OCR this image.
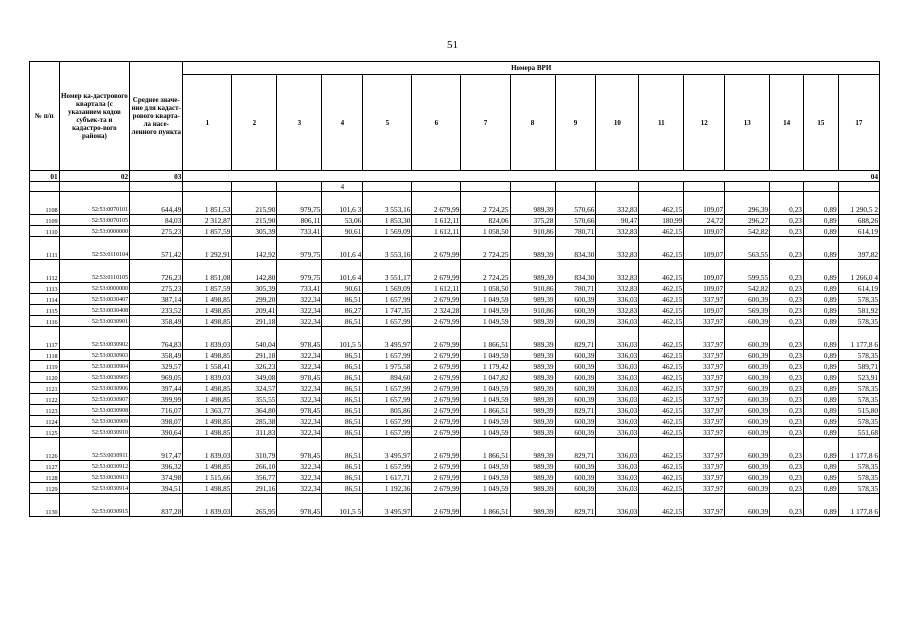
51
№ п/п	Номер ка-дастрового квартала (с указанием кодов субъек-та и кадастро-вого района)	Среднее значе-ние для кадаст-рового кварта-ла насе-ленного пункта	Номера ВРИ															
			1	2	3	4	5	6	7	8	9	10	11	12	13	14	15	17
01	02	03	04															
						4												
1108	52:53:0070101	644,49	1 851,53	215,90	979,75	101,6 3	3 553,16	2 679,99	2 724,25	989,39	570,66	332,83	462,15	109,07	296,39	0,23	0,89	1 290,5 2
1109	52:53:0070105	84,03	2 312,87	215,90	806,11	53,06	1 853,30	1 612,11	824,06	375,28	570,66	90,47	180,99	24,72	296,27	0,23	0,89	688,26
1110	52:53:0000000	275,23	1 857,59	305,39	733,41	90,61	1 569,09	1 612,11	1 058,50	910,86	780,71	332,83	462,15	109,07	542,82	0,23	0,89	614,19
1111	52:53:0110104	571,42	1 292,91	142,92	979,75	101,6 4	3 553,16	2 679,99	2 724,25	989,39	834,30	332,83	462,15	109,07	563,55	0,23	0,89	397,82
1112	52:53:0110105	726,23	1 851,08	142,80	979,75	101,6 4	3 551,17	2 679,99	2 724,25	989,39	834,30	332,83	462,15	109,07	599,55	0,23	0,89	1 266,0 4
1113	52:53:0000000	275,23	1 857,59	305,39	733,41	90,61	1 569,09	1 612,11	1 058,50	910,86	780,71	332,83	462,15	109,07	542,82	0,23	0,89	614,19
1114	52:53:0030407	387,14	1 498,85	299,20	322,34	86,51	1 657,99	2 679,99	1 049,59	989,39	600,39	336,03	462,15	337,97	600,39	0,23	0,89	578,35
1115	52:53:0030408	233,52	1 498,85	209,41	322,34	86,27	1 747,35	2 324,28	1 049,59	910,86	600,39	332,83	462,15	109,07	569,39	0,23	0,89	581,92
1116	52:53:0030901	358,49	1 498,85	291,18	322,34	86,51	1 657,99	2 679,99	1 049,59	989,39	600,39	336,03	462,15	337,97	600,39	0,23	0,89	578,35
1117	52:53:0030902	764,83	1 839,03	540,04	978,45	101,5 5	3 495,97	2 679,99	1 866,51	989,39	829,71	336,03	462,15	337,97	600,39	0,23	0,89	1 177,8 6
1118	52:53:0030903	358,49	1 498,85	291,18	322,34	86,51	1 657,99	2 679,99	1 049,59	989,39	600,39	336,03	462,15	337,97	600,39	0,23	0,89	578,35
1119	52:53:0030904	329,57	1 558,41	326,23	322,34	86,51	1 975,58	2 679,99	1 179,42	989,39	600,39	336,03	462,15	337,97	600,39	0,23	0,89	589,71
1120	52:53:0030905	969,05	1 839,03	349,08	978,45	86,51	894,60	2 679,99	1 047,82	989,39	600,39	336,03	462,15	337,97	600,39	0,23	0,89	523,91
1121	52:53:0030906	397,44	1 498,85	324,57	322,34	86,51	1 657,99	2 679,99	1 049,59	989,39	600,39	336,03	462,15	337,97	600,39	0,23	0,89	578,35
1122	52:53:0030907	399,99	1 498,85	355,55	322,34	86,51	1 657,99	2 679,99	1 049,59	989,39	600,39	336,03	462,15	337,97	600,39	0,23	0,89	578,35
1123	52:53:0030908	716,07	1 363,77	364,80	978,45	86,51	805,86	2 679,99	1 866,51	989,39	829,71	336,03	462,15	337,97	600,39	0,23	0,89	515,80
1124	52:53:0030909	398,07	1 498,85	285,38	322,34	86,51	1 657,99	2 679,99	1 049,59	989,39	600,39	336,03	462,15	337,97	600,39	0,23	0,89	578,35
1125	52:53:0030910	390,64	1 498,85	311,83	322,34	86,51	1 657,99	2 679,99	1 049,59	989,39	600,39	336,03	462,15	337,97	600,39	0,23	0,89	551,68
1126	52:53:0030911	917,47	1 839,03	310,79	978,45	86,51	3 495,97	2 679,99	1 866,51	989,39	829,71	336,03	462,15	337,97	600,39	0,23	0,89	1 177,8 6
1127	52:53:0030912	396,32	1 498,85	266,10	322,34	86,51	1 657,99	2 679,99	1 049,59	989,39	600,39	336,03	462,15	337,97	600,39	0,23	0,89	578,35
1128	52:53:0030913	374,98	1 515,66	356,77	322,34	86,51	1 617,71	2 679,99	1 049,59	989,39	600,39	336,03	462,15	337,97	600,39	0,23	0,89	578,35
1129	52:53:0030914	394,51	1 498,85	291,16	322,34	86,51	1 192,36	2 679,99	1 049,59	989,39	600,39	336,03	462,15	337,97	600,39	0,23	0,89	578,35
1130	52:53:0030915	837,28	1 839,03	265,95	978,45	101,5 5	3 495,97	2 679,99	1 866,51	989,39	829,71	336,03	462,15	337,97	600,39	0,23	0,89	1 177,8 6
